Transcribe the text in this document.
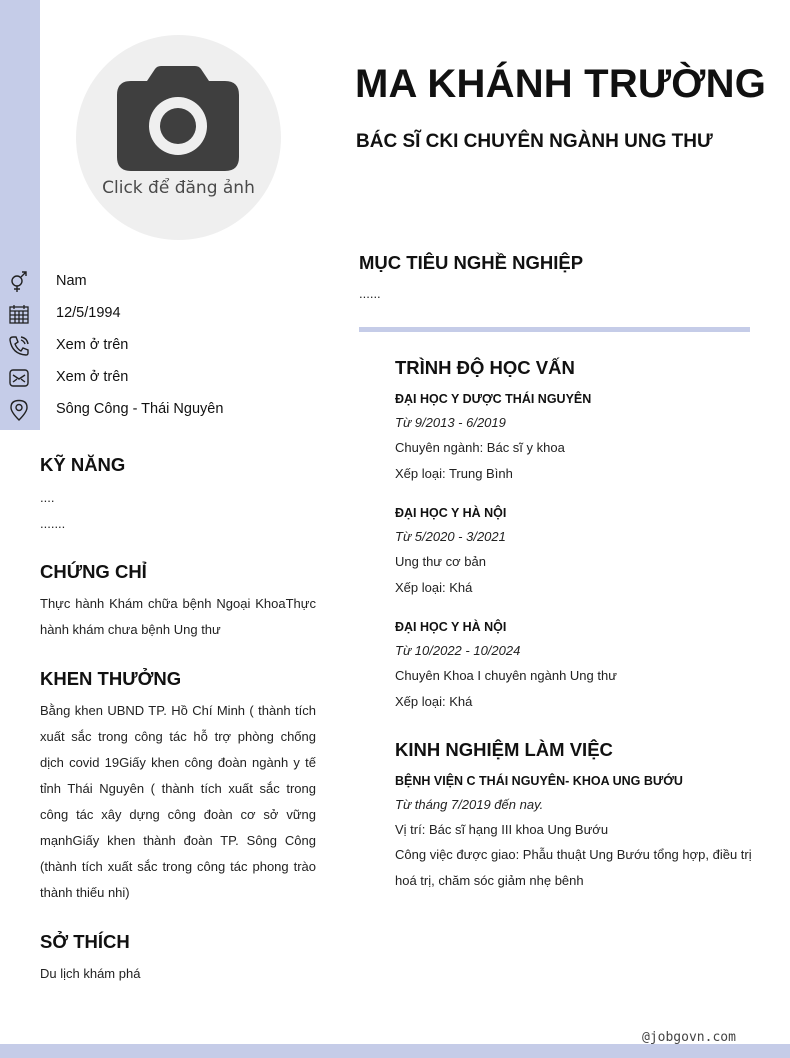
Click để đăng ảnh
MA KHÁNH TRƯỜNG
BÁC SĨ CKI CHUYÊN NGÀNH UNG THƯ
Nam
12/5/1994
Xem ở trên
Xem ở trên
Sông Công - Thái Nguyên
KỸ NĂNG
....
.......
CHỨNG CHỈ
Thực hành Khám chữa bệnh Ngoại KhoaThực hành khám chưa bệnh Ung thư
KHEN THƯỞNG
Bằng khen UBND TP. Hồ Chí Minh ( thành tích xuất sắc trong công tác hỗ trợ phòng chống dịch covid 19Giấy khen công đoàn ngành y tế tỉnh Thái Nguyên ( thành tích xuất sắc trong công tác xây dựng công đoàn cơ sở vững mạnhGiấy khen thành đoàn TP. Sông Công (thành tích xuất sắc trong công tác phong trào thành thiếu nhi)
SỞ THÍCH
Du lịch khám phá
MỤC TIÊU NGHỀ NGHIỆP
......
TRÌNH ĐỘ HỌC VẤN
ĐẠI HỌC Y DƯỢC THÁI NGUYÊN
Từ 9/2013 - 6/2019
Chuyên ngành: Bác sĩ y khoa
Xếp loại: Trung Bình
ĐẠI HỌC Y HÀ NỘI
Từ 5/2020 - 3/2021
Ung thư cơ bản
Xếp loại: Khá
ĐẠI HỌC Y HÀ NỘI
Từ 10/2022 - 10/2024
Chuyên Khoa I chuyên ngành Ung thư
Xếp loại: Khá
KINH NGHIỆM LÀM VIỆC
BỆNH VIỆN C THÁI NGUYÊN- KHOA UNG BƯỚU
Từ tháng 7/2019 đến nay.
Vị trí: Bác sĩ hạng III khoa Ung Bướu
Công việc được giao: Phẫu thuật Ung Bướu tổng hợp, điều trị hoá trị, chăm sóc giảm nhẹ bênh
@jobgovn.com
